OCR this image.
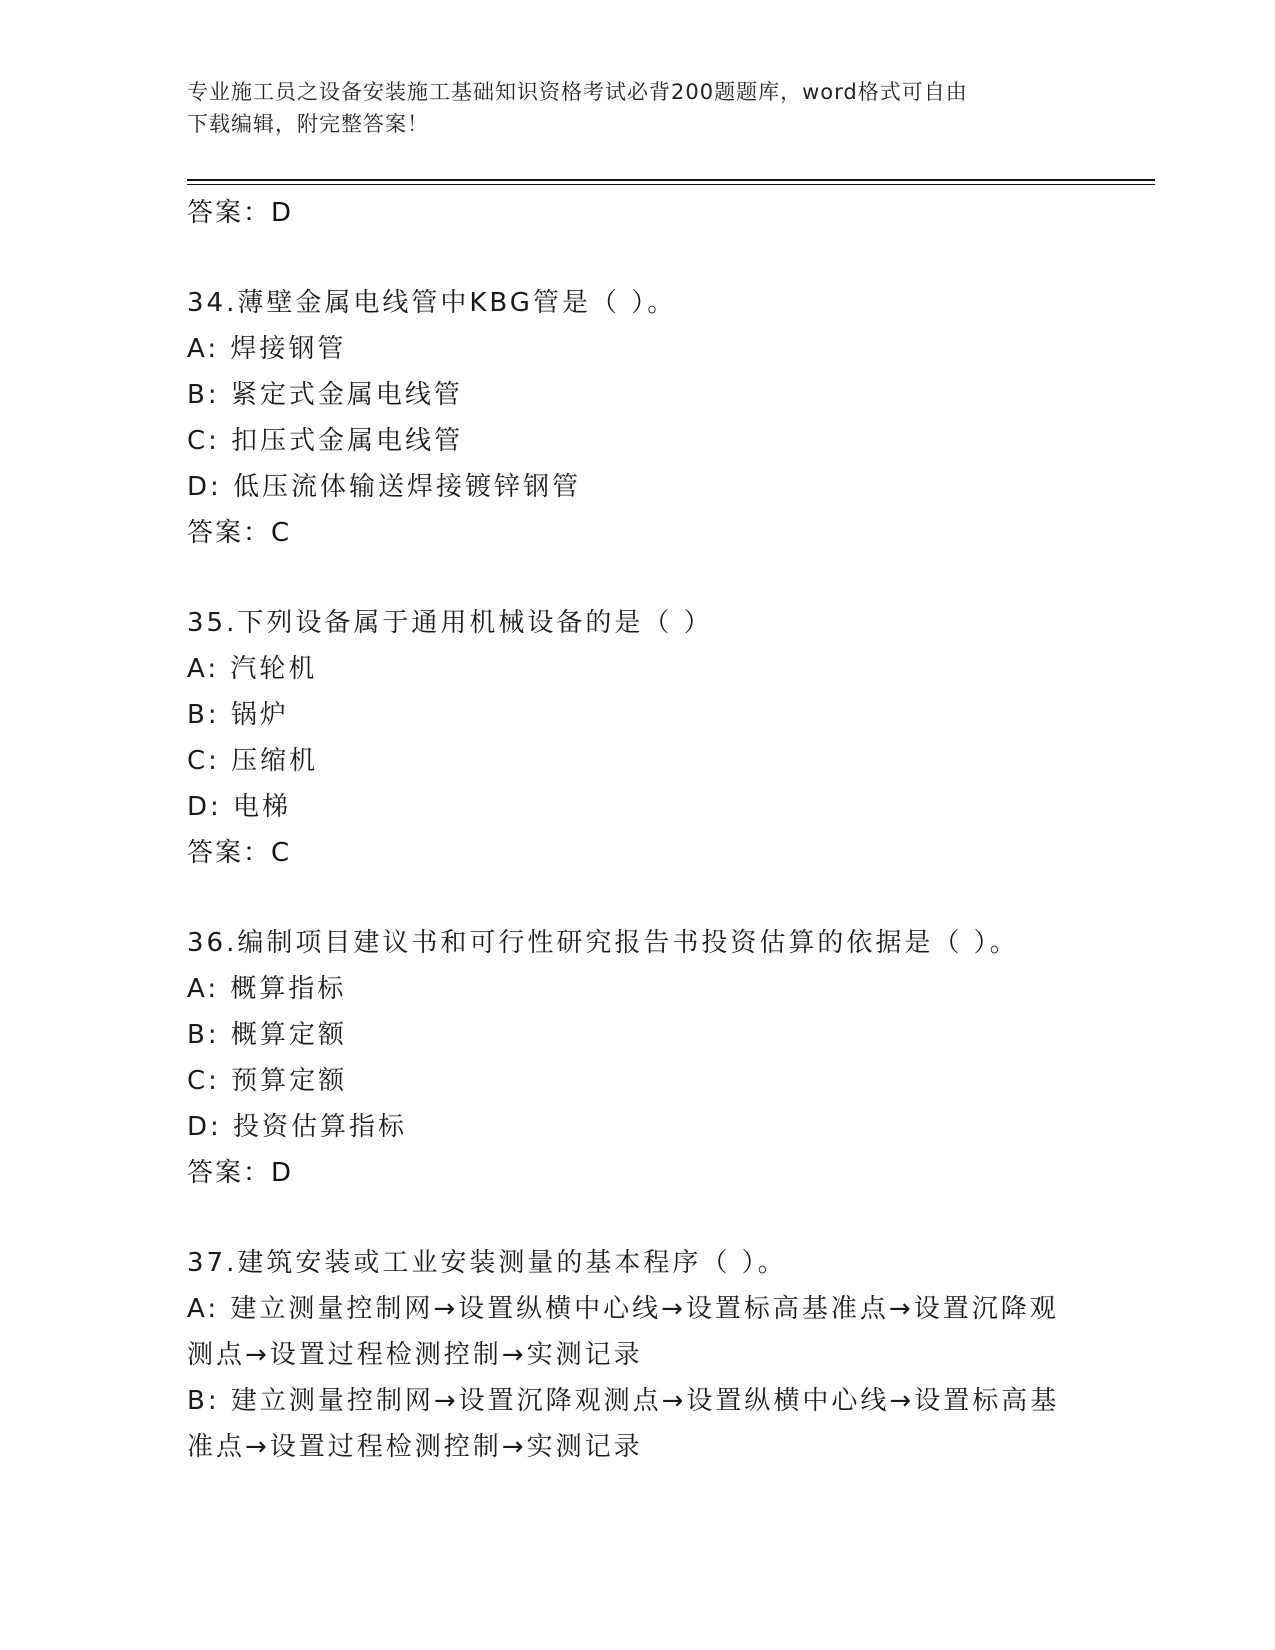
专业施工员之设备安装施工基础知识资格考试必背200题题库，word格式可自由
下载编辑，附完整答案！
答案：D
34.薄壁金属电线管中KBG管是（ ）。
A: 焊接钢管
B: 紧定式金属电线管
C: 扣压式金属电线管
D: 低压流体输送焊接镀锌钢管
答案：C
35.下列设备属于通用机械设备的是（ ）
A: 汽轮机
B: 锅炉
C: 压缩机
D: 电梯
答案：C
36.编制项目建议书和可行性研究报告书投资估算的依据是（ ）。
A: 概算指标
B: 概算定额
C: 预算定额
D: 投资估算指标
答案：D
37.建筑安装或工业安装测量的基本程序（ ）。
A: 建立测量控制网→设置纵横中心线→设置标高基准点→设置沉降观测点→设置过程检测控制→实测记录
B: 建立测量控制网→设置沉降观测点→设置纵横中心线→设置标高基准点→设置过程检测控制→实测记录
